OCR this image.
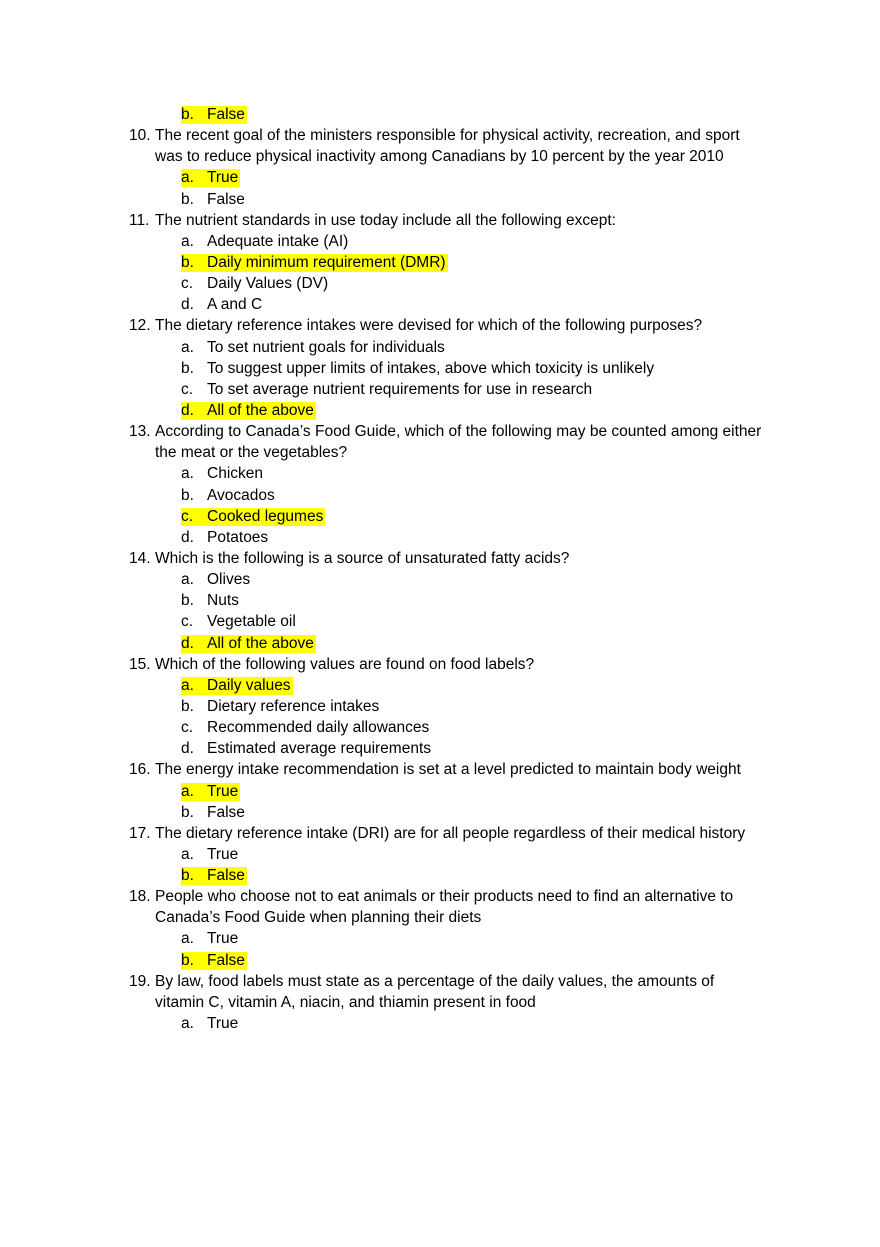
b. False
10. The recent goal of the ministers responsible for physical activity, recreation, and sport
was to reduce physical inactivity among Canadians by 10 percent by the year 2010
a. True
b. False
11. The nutrient standards in use today include all the following except:
a. Adequate intake (AI)
b. Daily minimum requirement (DMR)
c. Daily Values (DV)
d. A and C
12. The dietary reference intakes were devised for which of the following purposes?
a. To set nutrient goals for individuals
b. To suggest upper limits of intakes, above which toxicity is unlikely
c. To set average nutrient requirements for use in research
d. All of the above
13. According to Canada’s Food Guide, which of the following may be counted among either
the meat or the vegetables?
a. Chicken
b. Avocados
c. Cooked legumes
d. Potatoes
14. Which is the following is a source of unsaturated fatty acids?
a. Olives
b. Nuts
c. Vegetable oil
d. All of the above
15. Which of the following values are found on food labels?
a. Daily values
b. Dietary reference intakes
c. Recommended daily allowances
d. Estimated average requirements
16. The energy intake recommendation is set at a level predicted to maintain body weight
a. True
b. False
17. The dietary reference intake (DRI) are for all people regardless of their medical history
a. True
b. False
18. People who choose not to eat animals or their products need to find an alternative to
Canada’s Food Guide when planning their diets
a. True
b. False
19. By law, food labels must state as a percentage of the daily values, the amounts of
vitamin C, vitamin A, niacin, and thiamin present in food
a. True
